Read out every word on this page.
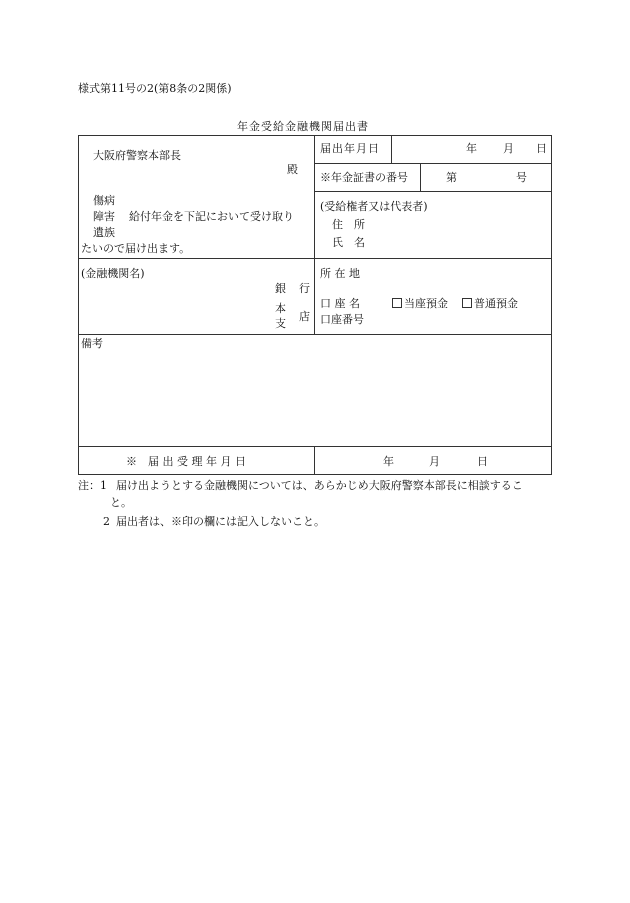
様式第11号の2(第8条の2関係)
年金受給金融機関届出書
大阪府警察本部長
殿
届出年月日	年 月 日
※年金証書の番号	第	号
傷病
障害
遺族
給付年金を下記において受け取り
たいので届け出ます。
(受給権者又は代表者)
住　所
氏　名
(金融機関名)
銀 行
本
店
支
所 在 地
口 座 名	当座預金	普通預金
口座番号
備考
※　届 出 受 理 年 月 日	年	月	日
注：1 届け出ようとする金融機関については、あらかじめ大阪府警察本部長に相談するこ
と。
2 届出者は、※印の欄には記入しないこと。
